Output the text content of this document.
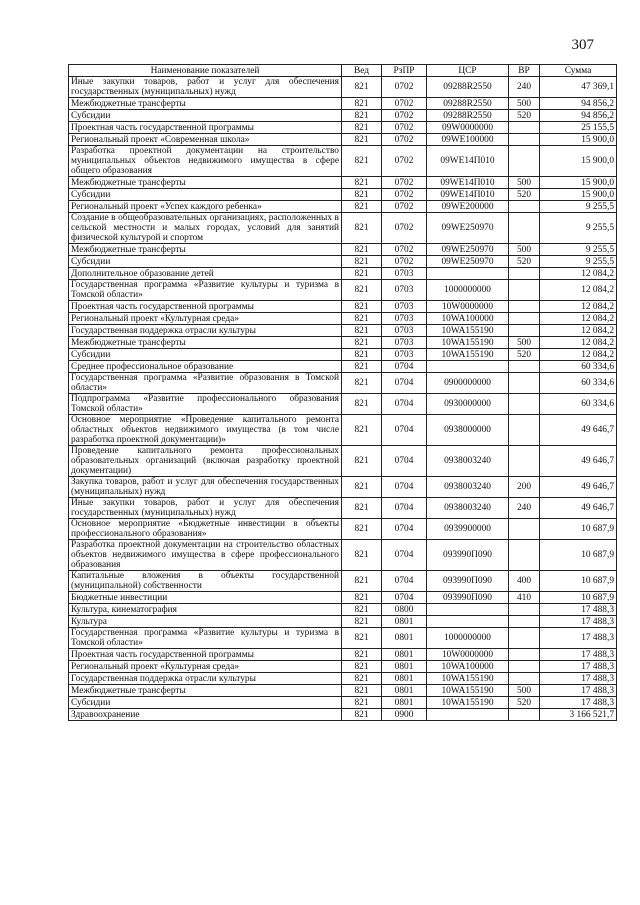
307
Наименование показателей	Вед	РзПР	ЦСР	ВР	Сумма
Иные закупки товаров, работ и услуг для обеспечения государственных (муниципальных) нужд	821	0702	09288R2550	240	47 369,1
Межбюджетные трансферты	821	0702	09288R2550	500	94 856,2
Субсидии	821	0702	09288R2550	520	94 856,2
Проектная часть государственной программы	821	0702	09W0000000		25 155,5
Региональный проект «Современная школа»	821	0702	09WE100000		15 900,0
Разработка проектной документации на строительство муниципальных объектов недвижимого имущества в сфере общего образования	821	0702	09WE14П010		15 900,0
Межбюджетные трансферты	821	0702	09WE14П010	500	15 900,0
Субсидии	821	0702	09WE14П010	520	15 900,0
Региональный проект «Успех каждого ребенка»	821	0702	09WE200000		9 255,5
Создание в общеобразовательных организациях, расположенных в сельской местности и малых городах, условий для занятий физической культурой и спортом	821	0702	09WE250970		9 255,5
Межбюджетные трансферты	821	0702	09WE250970	500	9 255,5
Субсидии	821	0702	09WE250970	520	9 255,5
Дополнительное образование детей	821	0703			12 084,2
Государственная программа «Развитие культуры и туризма в Томской области»	821	0703	1000000000		12 084,2
Проектная часть государственной программы	821	0703	10W0000000		12 084,2
Региональный проект «Культурная среда»	821	0703	10WA100000		12 084,2
Государственная поддержка отрасли культуры	821	0703	10WA155190		12 084,2
Межбюджетные трансферты	821	0703	10WA155190	500	12 084,2
Субсидии	821	0703	10WA155190	520	12 084,2
Среднее профессиональное образование	821	0704			60 334,6
Государственная программа «Развитие образования в Томской области»	821	0704	0900000000		60 334,6
Подпрограмма «Развитие профессионального образования Томской области»	821	0704	0930000000		60 334,6
Основное мероприятие «Проведение капитального ремонта областных объектов недвижимого имущества (в том числе разработка проектной документации)»	821	0704	0938000000		49 646,7
Проведение капитального ремонта профессиональных образовательных организаций (включая разработку проектной документации)	821	0704	0938003240		49 646,7
Закупка товаров, работ и услуг для обеспечения государственных (муниципальных) нужд	821	0704	0938003240	200	49 646,7
Иные закупки товаров, работ и услуг для обеспечения государственных (муниципальных) нужд	821	0704	0938003240	240	49 646,7
Основное мероприятие «Бюджетные инвестиции в объекты профессионального образования»	821	0704	0939900000		10 687,9
Разработка проектной документации на строительство областных объектов недвижимого имущества в сфере профессионального образования	821	0704	093990П090		10 687,9
Капитальные вложения в объекты государственной (муниципальной) собственности	821	0704	093990П090	400	10 687,9
Бюджетные инвестиции	821	0704	093990П090	410	10 687,9
Культура, кинематография	821	0800			17 488,3
Культура	821	0801			17 488,3
Государственная программа «Развитие культуры и туризма в Томской области»	821	0801	1000000000		17 488,3
Проектная часть государственной программы	821	0801	10W0000000		17 488,3
Региональный проект «Культурная среда»	821	0801	10WA100000		17 488,3
Государственная поддержка отрасли культуры	821	0801	10WA155190		17 488,3
Межбюджетные трансферты	821	0801	10WA155190	500	17 488,3
Субсидии	821	0801	10WA155190	520	17 488,3
Здравоохранение	821	0900			3 166 521,7
